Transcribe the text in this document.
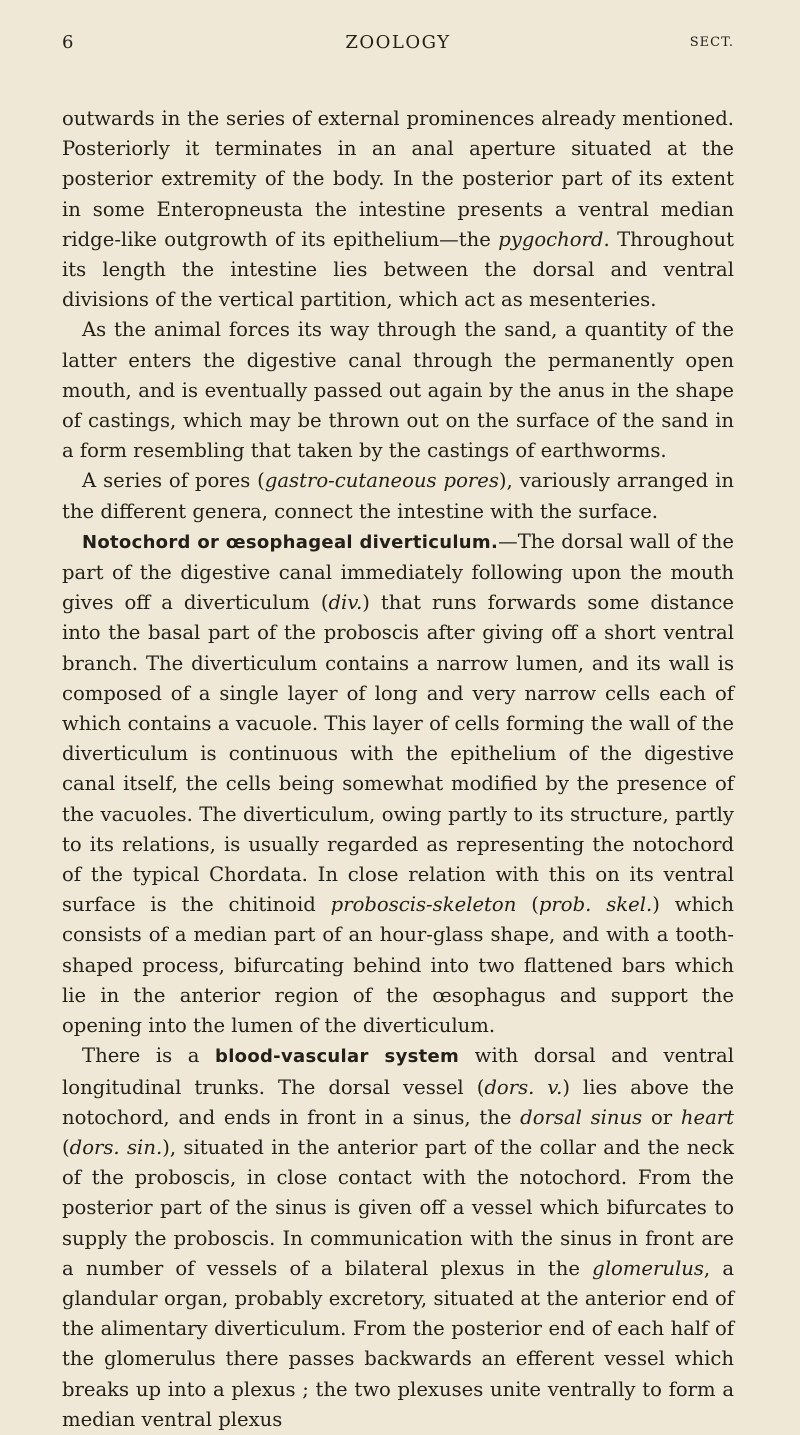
6	ZOOLOGY	SECT.

outwards in the series of external prominences already mentioned. Posteriorly it terminates in an anal aperture situated at the posterior extremity of the body. In the posterior part of its extent in some Enteropneusta the intestine presents a ventral median ridge-like outgrowth of its epithelium—the pygochord. Throughout its length the intestine lies between the dorsal and ventral divisions of the vertical partition, which act as mesenteries.

As the animal forces its way through the sand, a quantity of the latter enters the digestive canal through the permanently open mouth, and is eventually passed out again by the anus in the shape of castings, which may be thrown out on the surface of the sand in a form resembling that taken by the castings of earthworms.

A series of pores (gastro-cutaneous pores), variously arranged in the different genera, connect the intestine with the surface.

Notochord or œsophageal diverticulum.—The dorsal wall of the part of the digestive canal immediately following upon the mouth gives off a diverticulum (div.) that runs forwards some distance into the basal part of the proboscis after giving off a short ventral branch. The diverticulum contains a narrow lumen, and its wall is composed of a single layer of long and very narrow cells each of which contains a vacuole. This layer of cells forming the wall of the diverticulum is continuous with the epithelium of the digestive canal itself, the cells being somewhat modified by the presence of the vacuoles. The diverticulum, owing partly to its structure, partly to its relations, is usually regarded as representing the notochord of the typical Chordata. In close relation with this on its ventral surface is the chitinoid proboscis-skeleton (prob. skel.) which consists of a median part of an hour-glass shape, and with a tooth-shaped process, bifurcating behind into two flattened bars which lie in the anterior region of the œsophagus and support the opening into the lumen of the diverticulum.

There is a blood-vascular system with dorsal and ventral longitudinal trunks. The dorsal vessel (dors. v.) lies above the notochord, and ends in front in a sinus, the dorsal sinus or heart (dors. sin.), situated in the anterior part of the collar and the neck of the proboscis, in close contact with the notochord. From the posterior part of the sinus is given off a vessel which bifurcates to supply the proboscis. In communication with the sinus in front are a number of vessels of a bilateral plexus in the glomerulus, a glandular organ, probably excretory, situated at the anterior end of the alimentary diverticulum. From the posterior end of each half of the glomerulus there passes backwards an efferent vessel which breaks up into a plexus ; the two plexuses unite ventrally to form a median ventral plexus
